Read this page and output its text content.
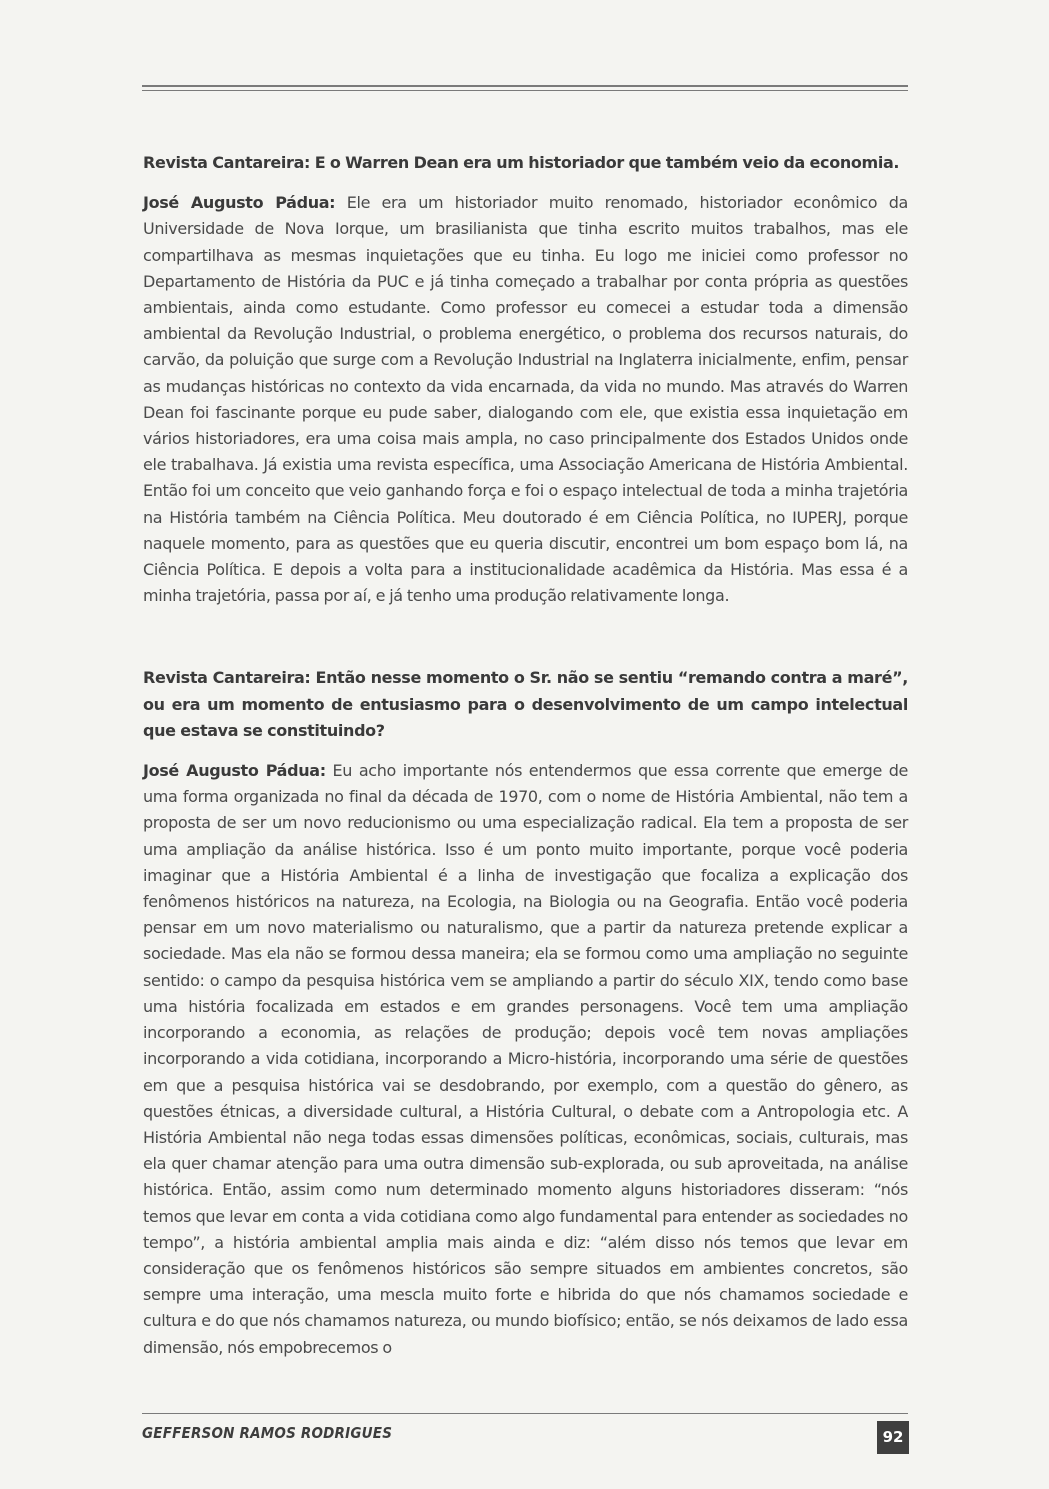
Revista Cantareira: E o Warren Dean era um historiador que também veio da economia.

José Augusto Pádua: Ele era um historiador muito renomado, historiador econômico da Universidade de Nova Iorque, um brasilianista que tinha escrito muitos trabalhos, mas ele compartilhava as mesmas inquietações que eu tinha. Eu logo me iniciei como professor no Departamento de História da PUC e já tinha começado a trabalhar por conta própria as questões ambientais, ainda como estudante. Como professor eu comecei a estudar toda a dimensão ambiental da Revolução Industrial, o problema energético, o problema dos recursos naturais, do carvão, da poluição que surge com a Revolução Industrial na Inglaterra inicialmente, enfim, pensar as mudanças históricas no contexto da vida encarnada, da vida no mundo. Mas através do Warren Dean foi fascinante porque eu pude saber, dialogando com ele, que existia essa inquietação em vários historiadores, era uma coisa mais ampla, no caso principalmente dos Estados Unidos onde ele trabalhava. Já existia uma revista específica, uma Associação Americana de História Ambiental. Então foi um conceito que veio ganhando força e foi o espaço intelectual de toda a minha trajetória na História também na Ciência Política. Meu doutorado é em Ciência Política, no IUPERJ, porque naquele momento, para as questões que eu queria discutir, encontrei um bom espaço bom lá, na Ciência Política. E depois a volta para a institucionalidade acadêmica da História. Mas essa é a minha trajetória, passa por aí, e já tenho uma produção relativamente longa.

Revista Cantareira: Então nesse momento o Sr. não se sentiu “remando contra a maré”, ou era um momento de entusiasmo para o desenvolvimento de um campo intelectual que estava se constituindo?

José Augusto Pádua: Eu acho importante nós entendermos que essa corrente que emerge de uma forma organizada no final da década de 1970, com o nome de História Ambiental, não tem a proposta de ser um novo reducionismo ou uma especialização radical. Ela tem a proposta de ser uma ampliação da análise histórica. Isso é um ponto muito importante, porque você poderia imaginar que a História Ambiental é a linha de investigação que focaliza a explicação dos fenômenos históricos na natureza, na Ecologia, na Biologia ou na Geografia. Então você poderia pensar em um novo materialismo ou naturalismo, que a partir da natureza pretende explicar a sociedade. Mas ela não se formou dessa maneira; ela se formou como uma ampliação no seguinte sentido: o campo da pesquisa histórica vem se ampliando a partir do século XIX, tendo como base uma história focalizada em estados e em grandes personagens. Você tem uma ampliação incorporando a economia, as relações de produção; depois você tem novas ampliações incorporando a vida cotidiana, incorporando a Micro-história, incorporando uma série de questões em que a pesquisa histórica vai se desdobrando, por exemplo, com a questão do gênero, as questões étnicas, a diversidade cultural, a História Cultural, o debate com a Antropologia etc. A História Ambiental não nega todas essas dimensões políticas, econômicas, sociais, culturais, mas ela quer chamar atenção para uma outra dimensão sub-explorada, ou sub aproveitada, na análise histórica. Então, assim como num determinado momento alguns historiadores disseram: “nós temos que levar em conta a vida cotidiana como algo fundamental para entender as sociedades no tempo”, a história ambiental amplia mais ainda e diz: “além disso nós temos que levar em consideração que os fenômenos históricos são sempre situados em ambientes concretos, são sempre uma interação, uma mescla muito forte e hibrida do que nós chamamos sociedade e cultura e do que nós chamamos natureza, ou mundo biofísico; então, se nós deixamos de lado essa dimensão, nós empobrecemos o

GEFFERSON RAMOS RODRIGUES	92
